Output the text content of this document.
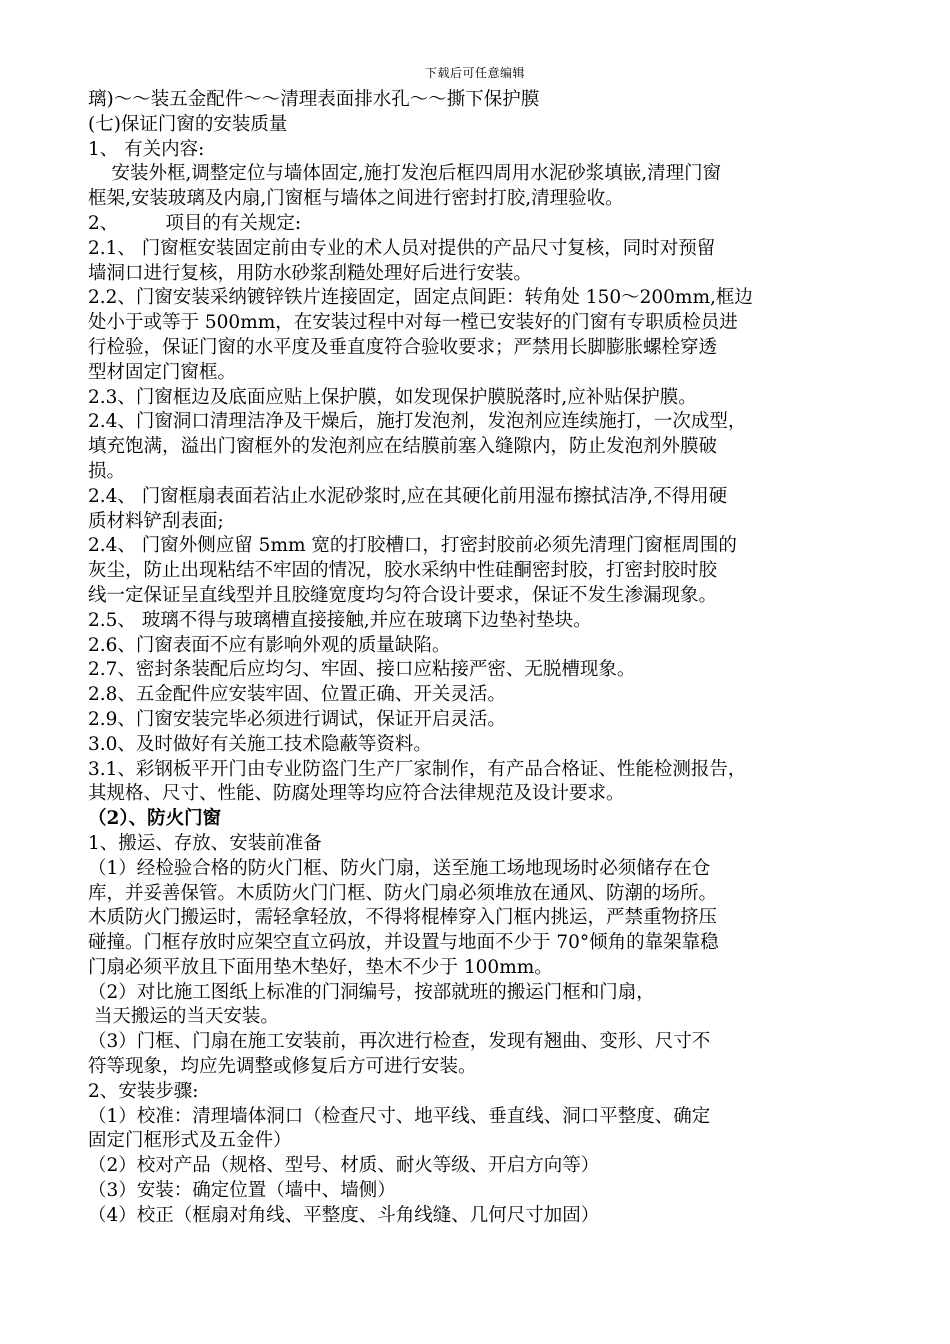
下载后可任意编辑
璃)～～装五金配件～～清理表面排水孔～～撕下保护膜
(七)保证门窗的安装质量
1、 有关内容:
安装外框,调整定位与墙体固定,施打发泡后框四周用水泥砂浆填嵌,清理门窗
框架,安装玻璃及内扇,门窗框与墙体之间进行密封打胶,清理验收。
2、        项目的有关规定:
2.1、 门窗框安装固定前由专业的术人员对提供的产品尺寸复核，同时对预留
墙洞口进行复核，用防水砂浆刮糙处理好后进行安装。
2.2、门窗安装采纳镀锌铁片连接固定，固定点间距：转角处 150～200mm,框边
处小于或等于 500mm，在安装过程中对每一樘已安装好的门窗有专职质检员进
行检验，保证门窗的水平度及垂直度符合验收要求；严禁用长脚膨胀螺栓穿透
型材固定门窗框。
2.3、门窗框边及底面应贴上保护膜，如发现保护膜脱落时,应补贴保护膜。
2.4、门窗洞口清理洁净及干燥后，施打发泡剂，发泡剂应连续施打，一次成型，
填充饱满，溢出门窗框外的发泡剂应在结膜前塞入缝隙内，防止发泡剂外膜破
损。
2.4、 门窗框扇表面若沾止水泥砂浆时,应在其硬化前用湿布擦拭洁净,不得用硬
质材料铲刮表面;
2.4、 门窗外侧应留 5mm 宽的打胶槽口，打密封胶前必须先清理门窗框周围的
灰尘，防止出现粘结不牢固的情况，胶水采纳中性硅酮密封胶，打密封胶时胶
线一定保证呈直线型并且胶缝宽度均匀符合设计要求，保证不发生渗漏现象。
2.5、 玻璃不得与玻璃槽直接接触,并应在玻璃下边垫衬垫块。
2.6、门窗表面不应有影响外观的质量缺陷。
2.7、密封条装配后应均匀、牢固、接口应粘接严密、无脱槽现象。
2.8、五金配件应安装牢固、位置正确、开关灵活。
2.9、门窗安装完毕必须进行调试，保证开启灵活。
3.0、及时做好有关施工技术隐蔽等资料。
3.1、彩钢板平开门由专业防盗门生产厂家制作，有产品合格证、性能检测报告，
其规格、尺寸、性能、防腐处理等均应符合法律规范及设计要求。
（2）、防火门窗
1、搬运、存放、安装前准备
（1）经检验合格的防火门框、防火门扇，送至施工场地现场时必须储存在仓
库，并妥善保管。木质防火门门框、防火门扇必须堆放在通风、防潮的场所。
木质防火门搬运时，需轻拿轻放，不得将棍棒穿入门框内挑运，严禁重物挤压
碰撞。门框存放时应架空直立码放，并设置与地面不少于 70°倾角的靠架靠稳
门扇必须平放且下面用垫木垫好，垫木不少于 100mm。
（2）对比施工图纸上标准的门洞编号，按部就班的搬运门框和门扇，
当天搬运的当天安装。
（3）门框、门扇在施工安装前，再次进行检查，发现有翘曲、变形、尺寸不
符等现象，均应先调整或修复后方可进行安装。
2、安装步骤:
（1）校准：清理墙体洞口（检查尺寸、地平线、垂直线、洞口平整度、确定
固定门框形式及五金件）
（2）校对产品（规格、型号、材质、耐火等级、开启方向等）
（3）安装：确定位置（墙中、墙侧）
（4）校正（框扇对角线、平整度、斗角线缝、几何尺寸加固）
